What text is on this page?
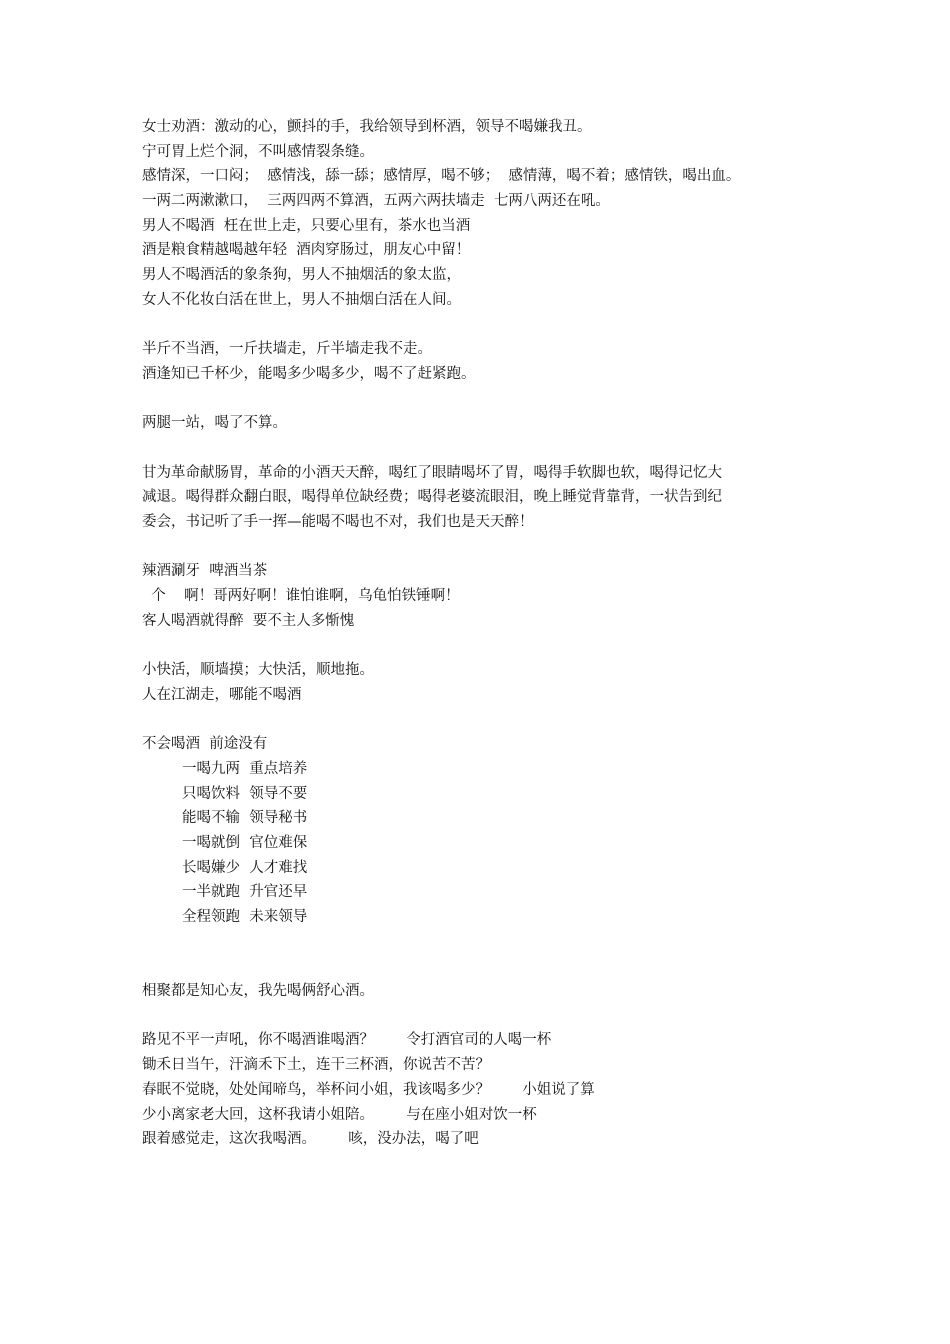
女士劝酒：激动的心，颤抖的手，我给领导到杯酒，领导不喝嫌我丑。
宁可胃上烂个洞，不叫感情裂条缝。
感情深，一口闷；  感情浅，舔一舔；感情厚，喝不够；  感情薄，喝不着；感情铁，喝出血。
一两二两漱漱口，  三两四两不算酒，五两六两扶墙走  七两八两还在吼。
男人不喝酒  枉在世上走，只要心里有，茶水也当酒
酒是粮食精越喝越年轻  酒肉穿肠过，朋友心中留！
男人不喝酒活的象条狗，男人不抽烟活的象太监，
女人不化妆白活在世上，男人不抽烟白活在人间。
半斤不当酒，一斤扶墙走，斤半墙走我不走。
酒逢知已千杯少，能喝多少喝多少，喝不了赶紧跑。
两腿一站，喝了不算。
甘为革命献肠胃，革命的小酒天天醉，喝红了眼睛喝坏了胃，喝得手软脚也软，喝得记忆大
减退。喝得群众翻白眼，喝得单位缺经费；喝得老婆流眼泪，晚上睡觉背靠背，一状告到纪
委会，书记听了手一挥—能喝不喝也不对，我们也是天天醉！
辣酒涮牙  啤酒当茶
个    啊！哥两好啊！谁怕谁啊，乌龟怕铁锤啊！
客人喝酒就得醉  要不主人多惭愧
小快活，顺墙摸；大快活，顺地拖。
人在江湖走，哪能不喝酒
不会喝酒  前途没有
一喝九两  重点培养
只喝饮料  领导不要
能喝不输  领导秘书
一喝就倒  官位难保
长喝嫌少  人才难找
一半就跑  升官还早
全程领跑  未来领导
相聚都是知心友，我先喝俩舒心酒。
路见不平一声吼，你不喝酒谁喝酒？       令打酒官司的人喝一杯
锄禾日当午，汗滴禾下土，连干三杯酒，你说苦不苦？
春眠不觉晓，处处闻啼鸟，举杯问小姐，我该喝多少？       小姐说了算
少小离家老大回，这杯我请小姐陪。       与在座小姐对饮一杯
跟着感觉走，这次我喝酒。       咳，没办法，喝了吧
